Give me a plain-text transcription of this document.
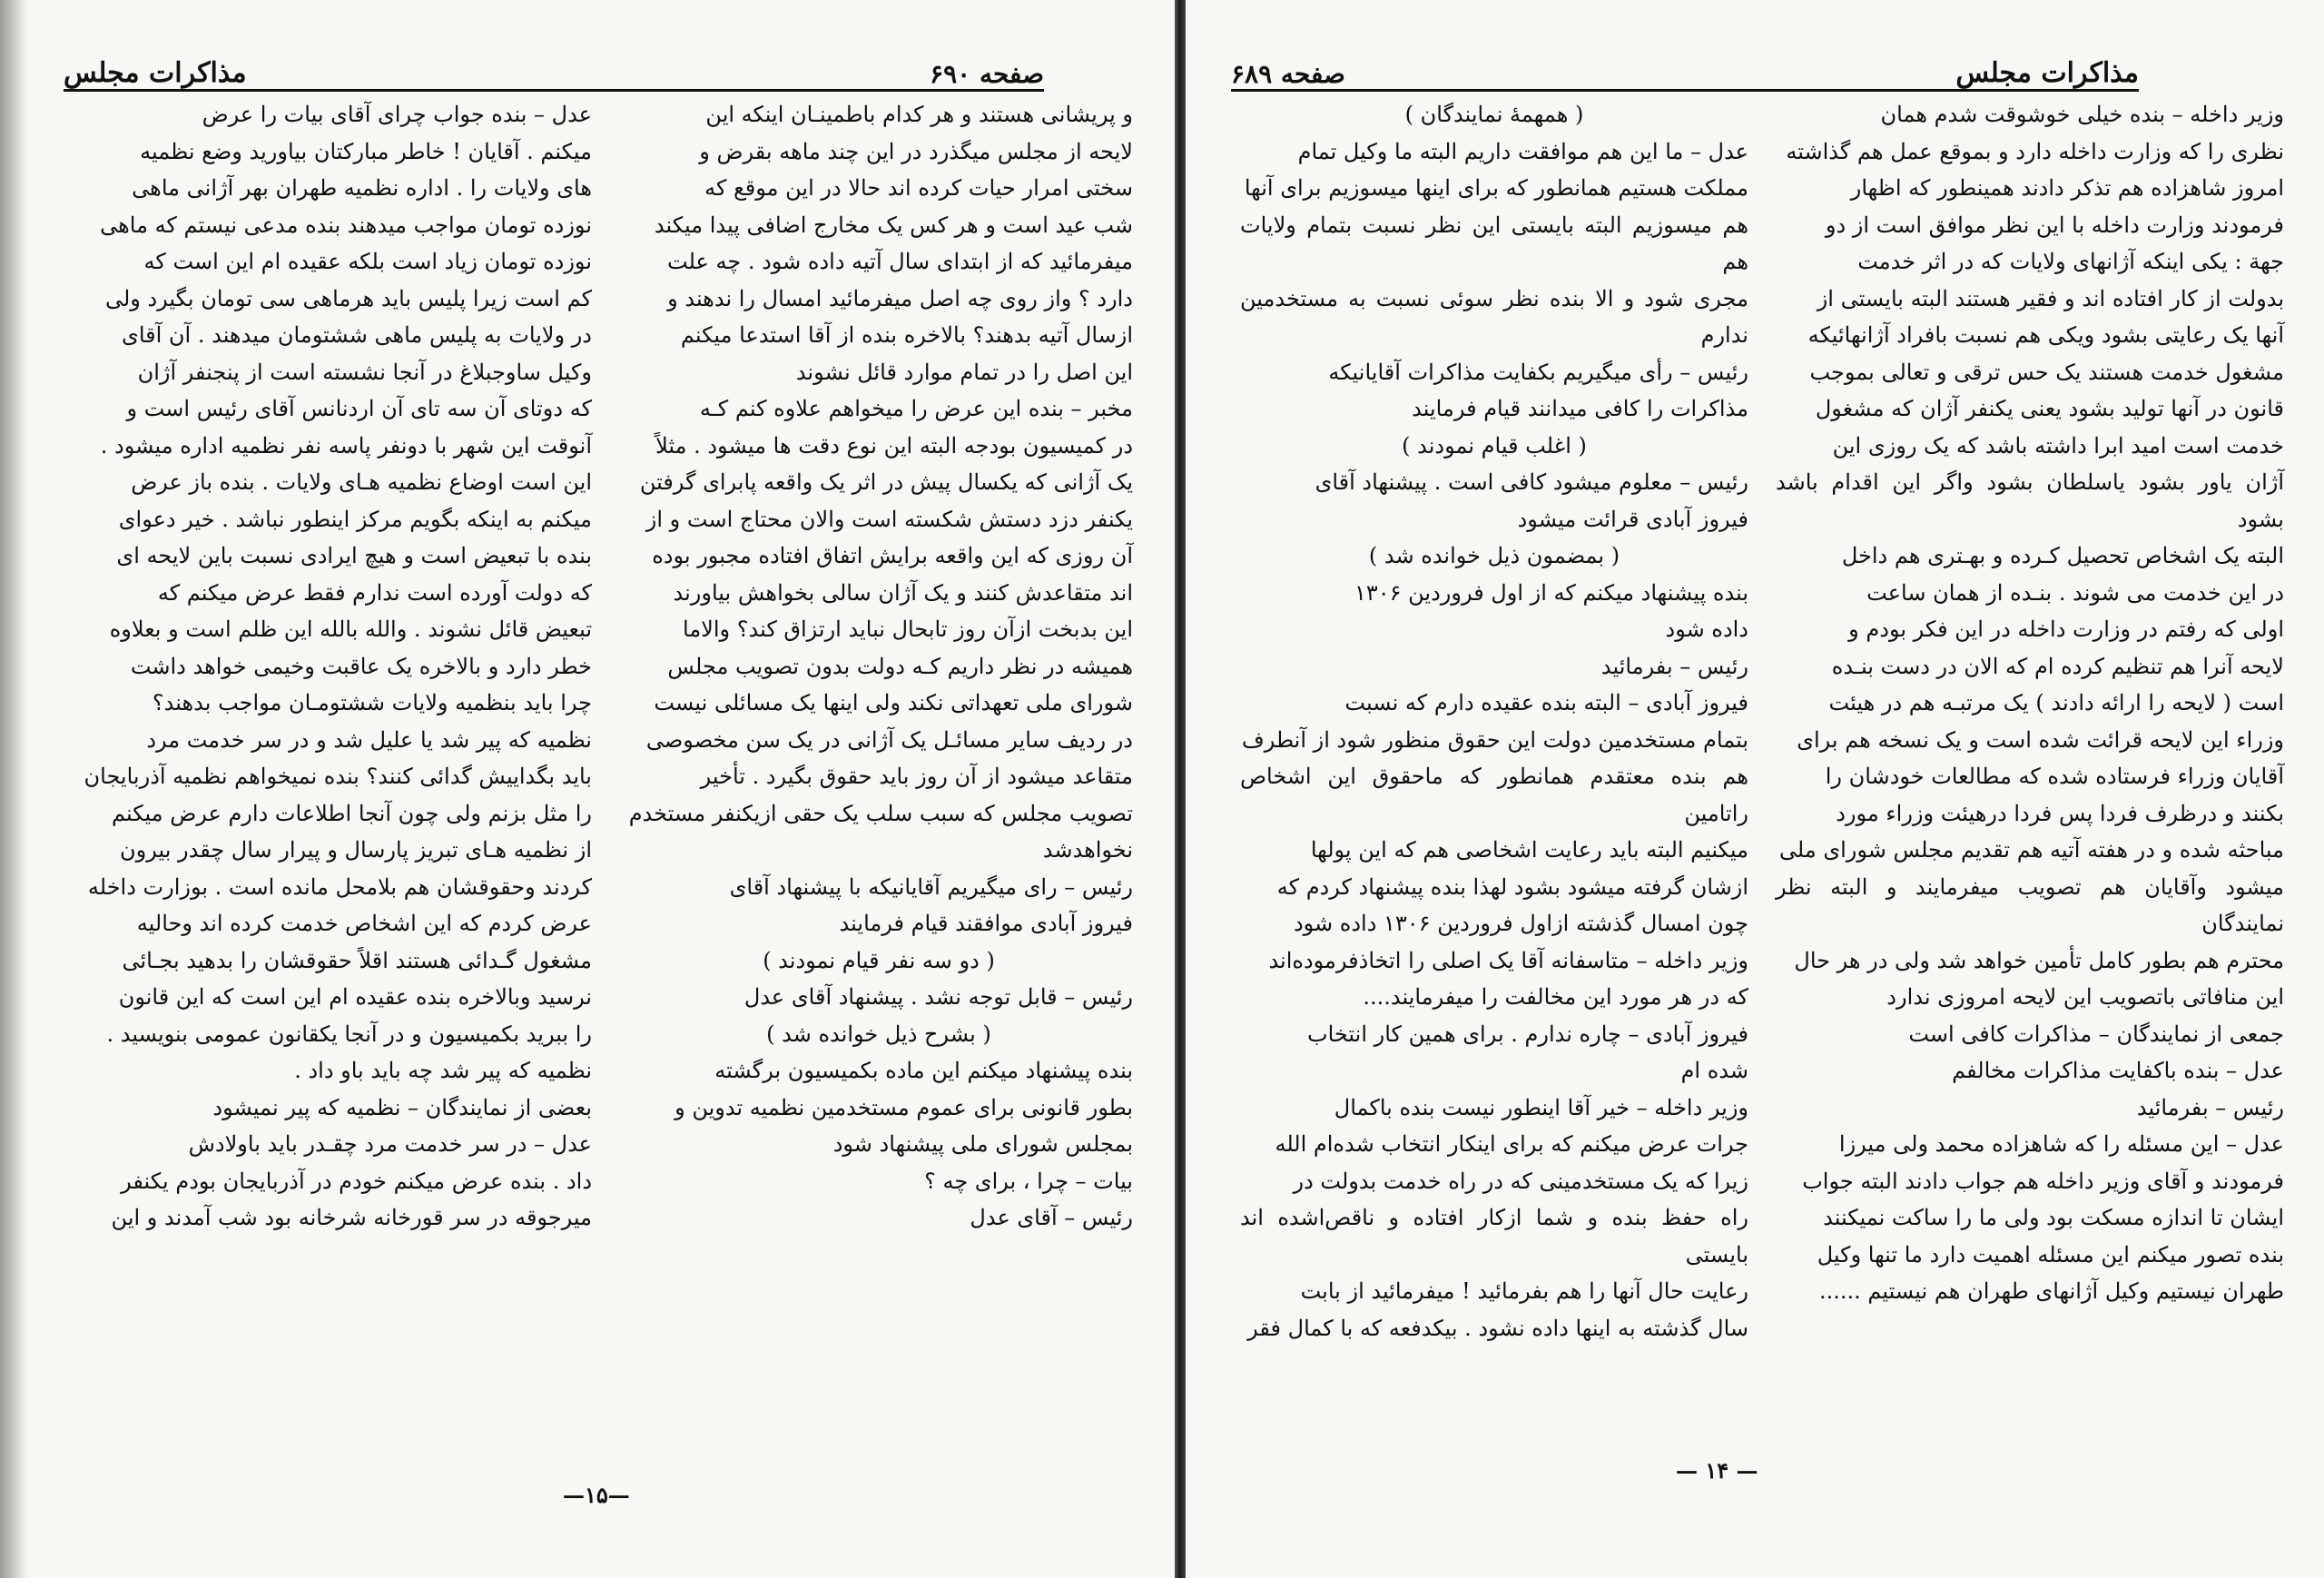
صفحه ۶۹۰
مذاکرات مجلس

و پریشانی هستند و هر کدام باطمینـان اینکه این

لایحه از مجلس میگذرد در این چند ماهه بقرض و

سختی امرار حیات کرده اند حالا در این موقع که

شب عید است و هر کس یک مخارج اضافی پیدا میکند

میفرمائید که از ابتدای سال آتیه داده شود . چه علت

دارد ؟ واز روی چه اصل میفرمائید امسال را ندهند و

ازسال آتیه بدهند؟ بالاخره بنده از آقا استدعا میکنم

این اصل را در تمام موارد قائل نشوند

مخبر – بنده این عرض را میخواهم علاوه کنم کـه

در کمیسیون بودجه البته این نوع دقت ها میشود . مثلاً

یک آژانی که یکسال پیش در اثر یک واقعه پابرای گرفتن

یکنفر دزد دستش شکسته است والان محتاج است و از

آن روزی که این واقعه برایش اتفاق افتاده مجبور بوده

اند متقاعدش کنند و یک آژان سالی بخواهش بیاورند

این بدبخت ازآن روز تابحال نباید ارتزاق کند؟ والاما

همیشه در نظر داریم کـه دولت بدون تصویب مجلس

شورای ملی تعهداتی نکند ولی اینها یک مسائلی نیست

در ردیف سایر مسائـل یک آژانی در یک سن مخصوصی

متقاعد میشود از آن روز باید حقوق بگیرد . تأخیر

تصویب مجلس که سبب سلب یک حقی ازیکنفر مستخدم

نخواهدشد

رئیس – رای میگیریم آقایانیکه با پیشنهاد آقای

فیروز آبادی موافقند قیام فرمایند

( دو سه نفر قیام نمودند )

رئیس – قابل توجه نشد . پیشنهاد آقای عدل

( بشرح ذیل خوانده شد )

بنده پیشنهاد میکنم این ماده بکمیسیون برگشته

بطور قانونی برای عموم مستخدمین نظمیه تدوین و

بمجلس شورای ملی پیشنهاد شود

بیات – چرا ، برای چه ؟

رئیس – آقای عدل

عدل – بنده جواب چرای آقای بیات را عرض

میکنم . آقایان ! خاطر مبارکتان بیاورید وضع نظمیه

های ولایات را . اداره نظمیه طهران بهر آژانی ماهی

نوزده تومان مواجب میدهند بنده مدعی نیستم که ماهی

نوزده تومان زیاد است بلکه عقیده ام این است که

کم است زیرا پلیس باید هرماهی سی تومان بگیرد ولی

در ولایات به پلیس ماهی ششتومان میدهند . آن آقای

وکیل ساوجبلاغ در آنجا نشسته است از پنجنفر آژان

که دوتای آن سه تای آن اردنانس آقای رئیس است و

آنوقت این شهر با دونفر پاسه نفر نظمیه اداره میشود .

این است اوضاع نظمیه هـای ولایات . بنده باز عرض

میکنم به اینکه بگویم مرکز اینطور نباشد . خیر دعوای

بنده با تبعیض است و هیچ ایرادی نسبت باین لایحه ای

که دولت آورده است ندارم فقط عرض میکنم که

تبعیض قائل نشوند . والله بالله این ظلم است و بعلاوه

خطر دارد و بالاخره یک عاقبت وخیمی خواهد داشت

چرا باید بنظمیه ولایات ششتومـان مواجب بدهند؟

نظمیه که پیر شد یا علیل شد و در سر خدمت مرد

باید بگداییش گدائی کنند؟ بنده نمیخواهم نظمیه آذربایجان

را مثل بزنم ولی چون آنجا اطلاعات دارم عرض میکنم

از نظمیه هـای تبریز پارسال و پیرار سال چقدر بیرون

کردند وحقوقشان هم بلامحل مانده است . بوزارت داخله

عرض کردم که این اشخاص خدمت کرده اند وحالیه

مشغول گـدائی هستند اقلاً حقوقشان را بدهید بجـائی

نرسید وبالاخره بنده عقیده ام این است که این قانون

را ببرید بکمیسیون و در آنجا یکقانون عمومی بنویسید .

نظمیه که پیر شد چه باید باو داد .

بعضی از نمایندگان – نظمیه که پیر نمیشود

عدل – در سر خدمت مرد چقـدر باید باولادش

داد . بنده عرض میکنم خودم در آذربایجان بودم یکنفر

میرجوقه در سر قورخانه شرخانه بود شب آمدند و این

—۱۵—
مذاکرات مجلس
صفحه ۶۸۹

( همهمهٔ نمایندگان )

عدل – ما این هم موافقت داریم البته ما وکیل تمام

مملکت هستیم همانطور که برای اینها میسوزیم برای آنها

هم میسوزیم البته بایستی این نظر نسبت بتمام ولایات هم

مجری شود و الا بنده نظر سوئی نسبت به مستخدمین ندارم

رئیس – رأی میگیریم بکفایت مذاکرات آقایانیکه

مذاکرات را کافی میدانند قیام فرمایند

( اغلب قیام نمودند )

رئیس – معلوم میشود کافی است . پیشنهاد آقای

فیروز آبادی قرائت میشود

( بمضمون ذیل خوانده شد )

بنده پیشنهاد میکنم که از اول فروردین ۱۳۰۶

داده شود

رئیس – بفرمائید

فیروز آبادی – البته بنده عقیده دارم که نسبت

بتمام مستخدمین دولت این حقوق منظور شود از آنطرف

هم بنده معتقدم همانطور که ماحقوق این اشخاص راتامین

میکنیم البته باید رعایت اشخاصی هم که این پولها

ازشان گرفته میشود بشود لهذا بنده پیشنهاد کردم که

چون امسال گذشته ازاول فروردین ۱۳۰۶ داده شود

وزیر داخله – متاسفانه آقا یک اصلی را اتخاذفرموده‌اند

که در هر مورد این مخالفت را میفرمایند....

فیروز آبادی – چاره ندارم . برای همین کار انتخاب

شده ام

وزیر داخله – خیر آقا اینطور نیست بنده باکمال

جرات عرض میکنم که برای اینکار انتخاب شده‌ام الله

زیرا که یک مستخدمینی که در راه خدمت بدولت در

راه حفظ بنده و شما ازکار افتاده و ناقص‌اشده اند بایستی

رعایت حال آنها را هم بفرمائید ! میفرمائید از بابت

سال گذشته به اینها داده نشود . بیکدفعه که با کمال فقر

وزیر داخله – بنده خیلی خوشوقت شدم همان

نظری را که وزارت داخله دارد و بموقع عمل هم گذاشته

امروز شاهزاده هم تذکر دادند همینطور که اظهار

فرمودند وزارت داخله با این نظر موافق است از دو

جهة : یکی اینکه آژانهای ولایات که در اثر خدمت

بدولت از کار افتاده اند و فقیر هستند البته بایستی از

آنها یک رعایتی بشود ویکی هم نسبت بافراد آژانهائیکه

مشغول خدمت هستند یک حس ترقی و تعالی بموجب

قانون در آنها تولید بشود یعنی یکنفر آژان که مشغول

خدمت است امید ابرا داشته باشد که یک روزی این

آژان یاور بشود یاسلطان بشود واگر این اقدام باشد بشود

البته یک اشخاص تحصیل کـرده و بهـتری هم داخل

در این خدمت می شوند . بنـده از همان ساعت

اولی که رفتم در وزارت داخله در این فکر بودم و

لایحه آنرا هم تنظیم کرده ام که الان در دست بنـده

است ( لایحه را ارائه دادند ) یک مرتبـه هم در هیئت

وزراء این لایحه قرائت شده است و یک نسخه هم برای

آقایان وزراء فرستاده شده که مطالعات خودشان را

بکنند و درظرف فردا پس فردا درهیئت وزراء مورد

مباحثه شده و در هفته آتیه هم تقدیم مجلس شورای ملی

میشود وآقایان هم تصویب میفرمایند و البته نظر نمایندگان

محترم هم بطور کامل تأمین خواهد شد ولی در هر حال

این منافاتی باتصویب این لایحه امروزی ندارد

جمعی از نمایندگان – مذاکرات کافی است

عدل – بنده باکفایت مذاکرات مخالفم

رئیس – بفرمائید

عدل – این مسئله را که شاهزاده محمد ولی میرزا

فرمودند و آقای وزیر داخله هم جواب دادند البته جواب

ایشان تا اندازه مسکت بود ولی ما را ساکت نمیکنند

بنده تصور میکنم این مسئله اهمیت دارد ما تنها وکیل

طهران نیستیم وکیل آژانهای طهران هم نیستیم ......

— ۱۴ —
